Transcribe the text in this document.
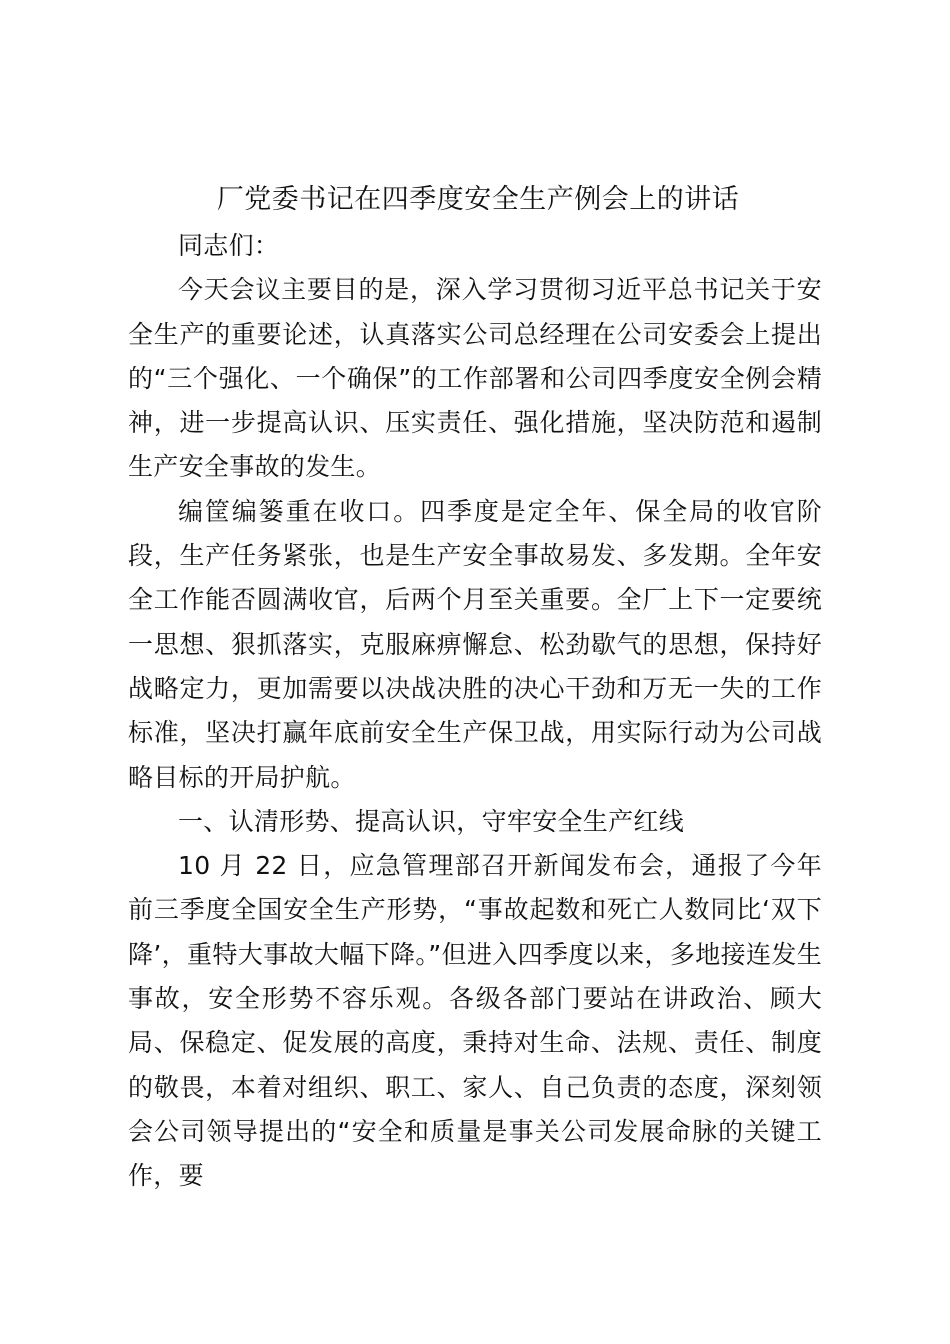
厂党委书记在四季度安全生产例会上的讲话

同志们：

今天会议主要目的是，深入学习贯彻习近平总书记关于安全生产的重要论述，认真落实公司总经理在公司安委会上提出的“三个强化、一个确保”的工作部署和公司四季度安全例会精神，进一步提高认识、压实责任、强化措施，坚决防范和遏制生产安全事故的发生。

编筐编篓重在收口。四季度是定全年、保全局的收官阶段，生产任务紧张，也是生产安全事故易发、多发期。全年安全工作能否圆满收官，后两个月至关重要。全厂上下一定要统一思想、狠抓落实，克服麻痹懈怠、松劲歇气的思想，保持好战略定力，更加需要以决战决胜的决心干劲和万无一失的工作标准，坚决打赢年底前安全生产保卫战，用实际行动为公司战略目标的开局护航。

一、认清形势、提高认识，守牢安全生产红线

10 月 22 日，应急管理部召开新闻发布会，通报了今年前三季度全国安全生产形势，“事故起数和死亡人数同比‘双下降’，重特大事故大幅下降。”但进入四季度以来，多地接连发生事故，安全形势不容乐观。各级各部门要站在讲政治、顾大局、保稳定、促发展的高度，秉持对生命、法规、责任、制度的敬畏，本着对组织、职工、家人、自己负责的态度，深刻领会公司领导提出的“安全和质量是事关公司发展命脉的关键工作，要
